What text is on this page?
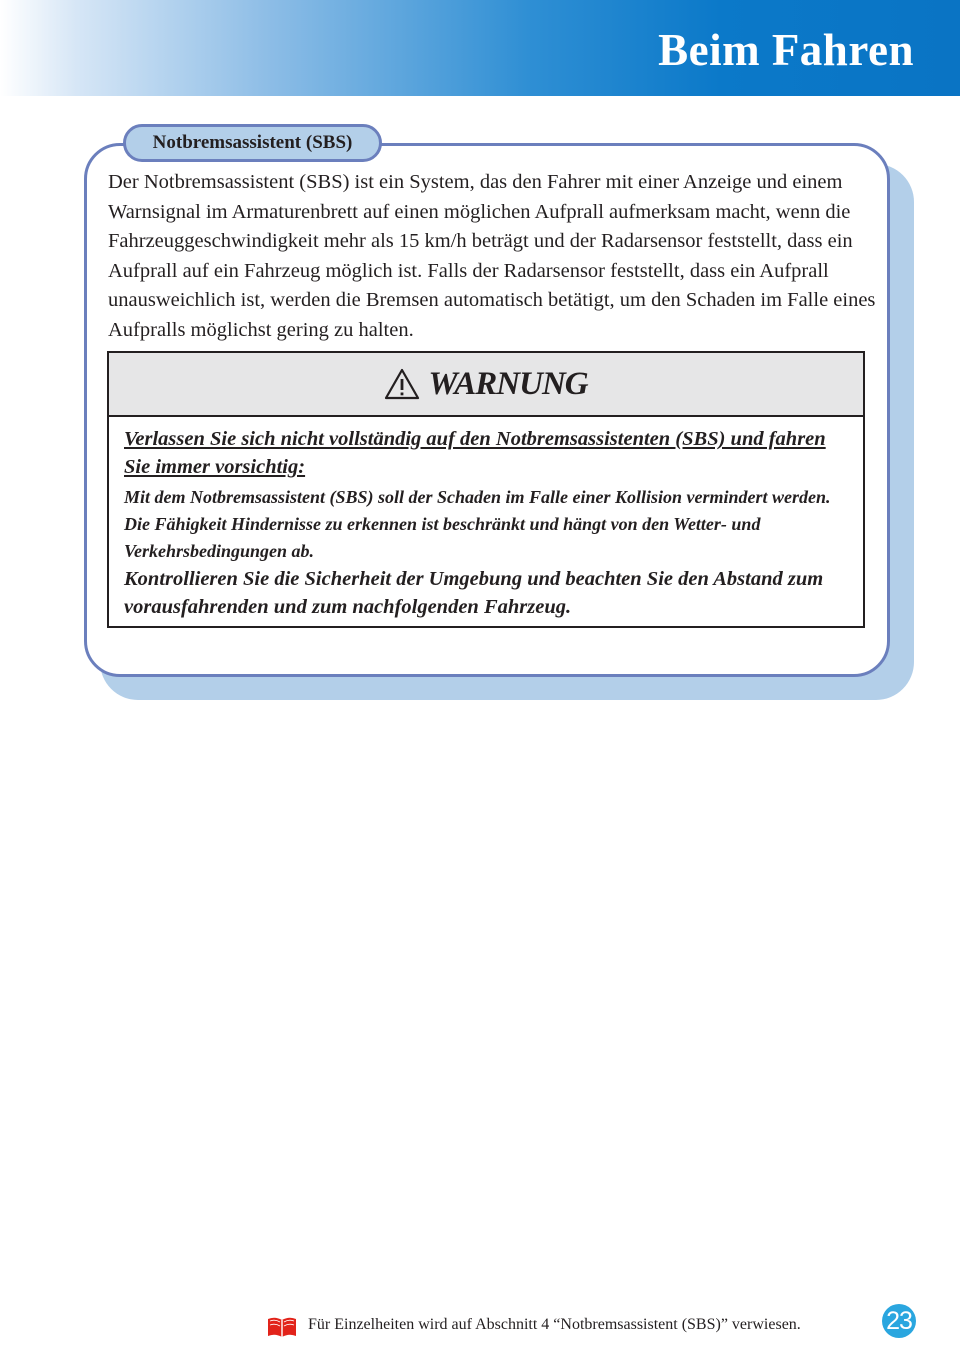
Beim Fahren
Notbremsassistent (SBS)
Der Notbremsassistent (SBS) ist ein System, das den Fahrer mit einer Anzeige und einem Warnsignal im Armaturenbrett auf einen möglichen Aufprall aufmerksam macht, wenn die Fahrzeuggeschwindigkeit mehr als 15 km/h beträgt und der Radarsensor feststellt, dass ein Aufprall auf ein Fahrzeug möglich ist. Falls der Radarsensor feststellt, dass ein Aufprall unausweichlich ist, werden die Bremsen automatisch betätigt, um den Schaden im Falle eines Aufpralls möglichst gering zu halten.
WARNUNG
Verlassen Sie sich nicht vollständig auf den Notbremsassistenten (SBS) und fahren Sie immer vorsichtig:
Mit dem Notbremsassistent (SBS) soll der Schaden im Falle einer Kollision vermindert werden. Die Fähigkeit Hindernisse zu erkennen ist beschränkt und hängt von den Wetter- und Verkehrsbedingungen ab.
Kontrollieren Sie die Sicherheit der Umgebung und beachten Sie den Abstand zum vorausfahrenden und zum nachfolgenden Fahrzeug.
Für Einzelheiten wird auf Abschnitt 4 “Notbremsassistent (SBS)” verwiesen.	23
